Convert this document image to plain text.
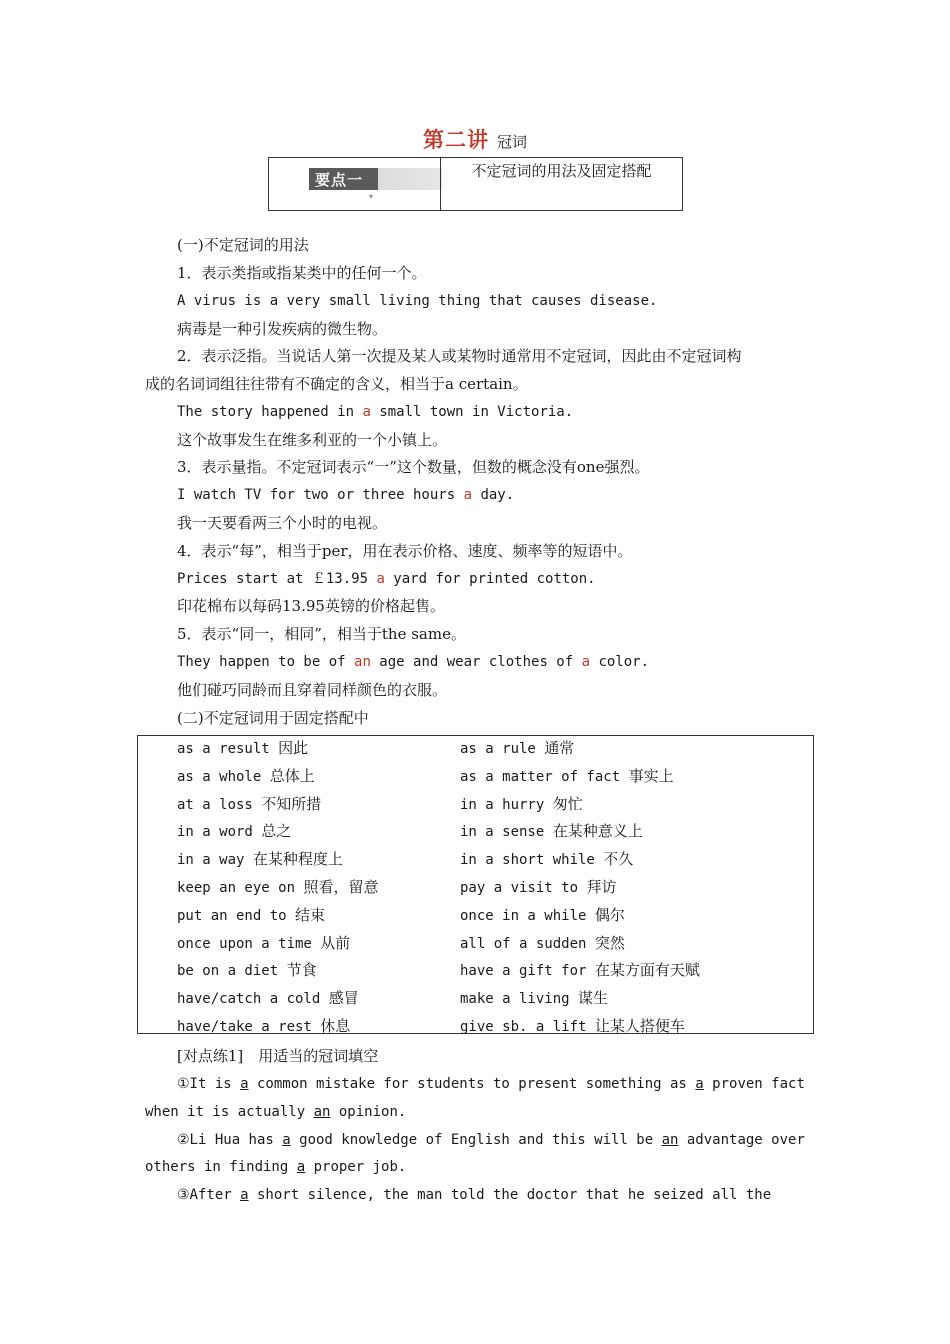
第二讲 冠词
要点一
▾
不定冠词的用法及固定搭配
(一)不定冠词的用法
1．表示类指或指某类中的任何一个。
A virus is a very small living thing that causes disease.
病毒是一种引发疾病的微生物。
2．表示泛指。当说话人第一次提及某人或某物时通常用不定冠词，因此由不定冠词构
成的名词词组往往带有不确定的含义，相当于a certain。
The story happened in a small town in Victoria.
这个故事发生在维多利亚的一个小镇上。
3．表示量指。不定冠词表示“一”这个数量，但数的概念没有one强烈。
I watch TV for two or three hours a day.
我一天要看两三个小时的电视。
4．表示“每”，相当于per，用在表示价格、速度、频率等的短语中。
Prices start at ￡13.95 a yard for printed cotton.
印花棉布以每码13.95英镑的价格起售。
5．表示“同一，相同”，相当于the same。
They happen to be of an age and wear clothes of a color.
他们碰巧同龄而且穿着同样颜色的衣服。
(二)不定冠词用于固定搭配中
as a result 因此
as a whole 总体上
at a loss 不知所措
in a word 总之
in a way 在某种程度上
keep an eye on 照看，留意
put an end to 结束
once upon a time 从前
be on a diet 节食
have/catch a cold 感冒
have/take a rest 休息
as a rule 通常
as a matter of fact 事实上
in a hurry 匆忙
in a sense 在某种意义上
in a short while 不久
pay a visit to 拜访
once in a while 偶尔
all of a sudden 突然
have a gift for 在某方面有天赋
make a living 谋生
give sb. a lift 让某人搭便车
[对点练1]　用适当的冠词填空
①It is a common mistake for students to present something as a proven fact
when it is actually an opinion.
②Li Hua has a good knowledge of English and this will be an advantage over
others in finding a proper job.
③After a short silence, the man told the doctor that he seized all the
